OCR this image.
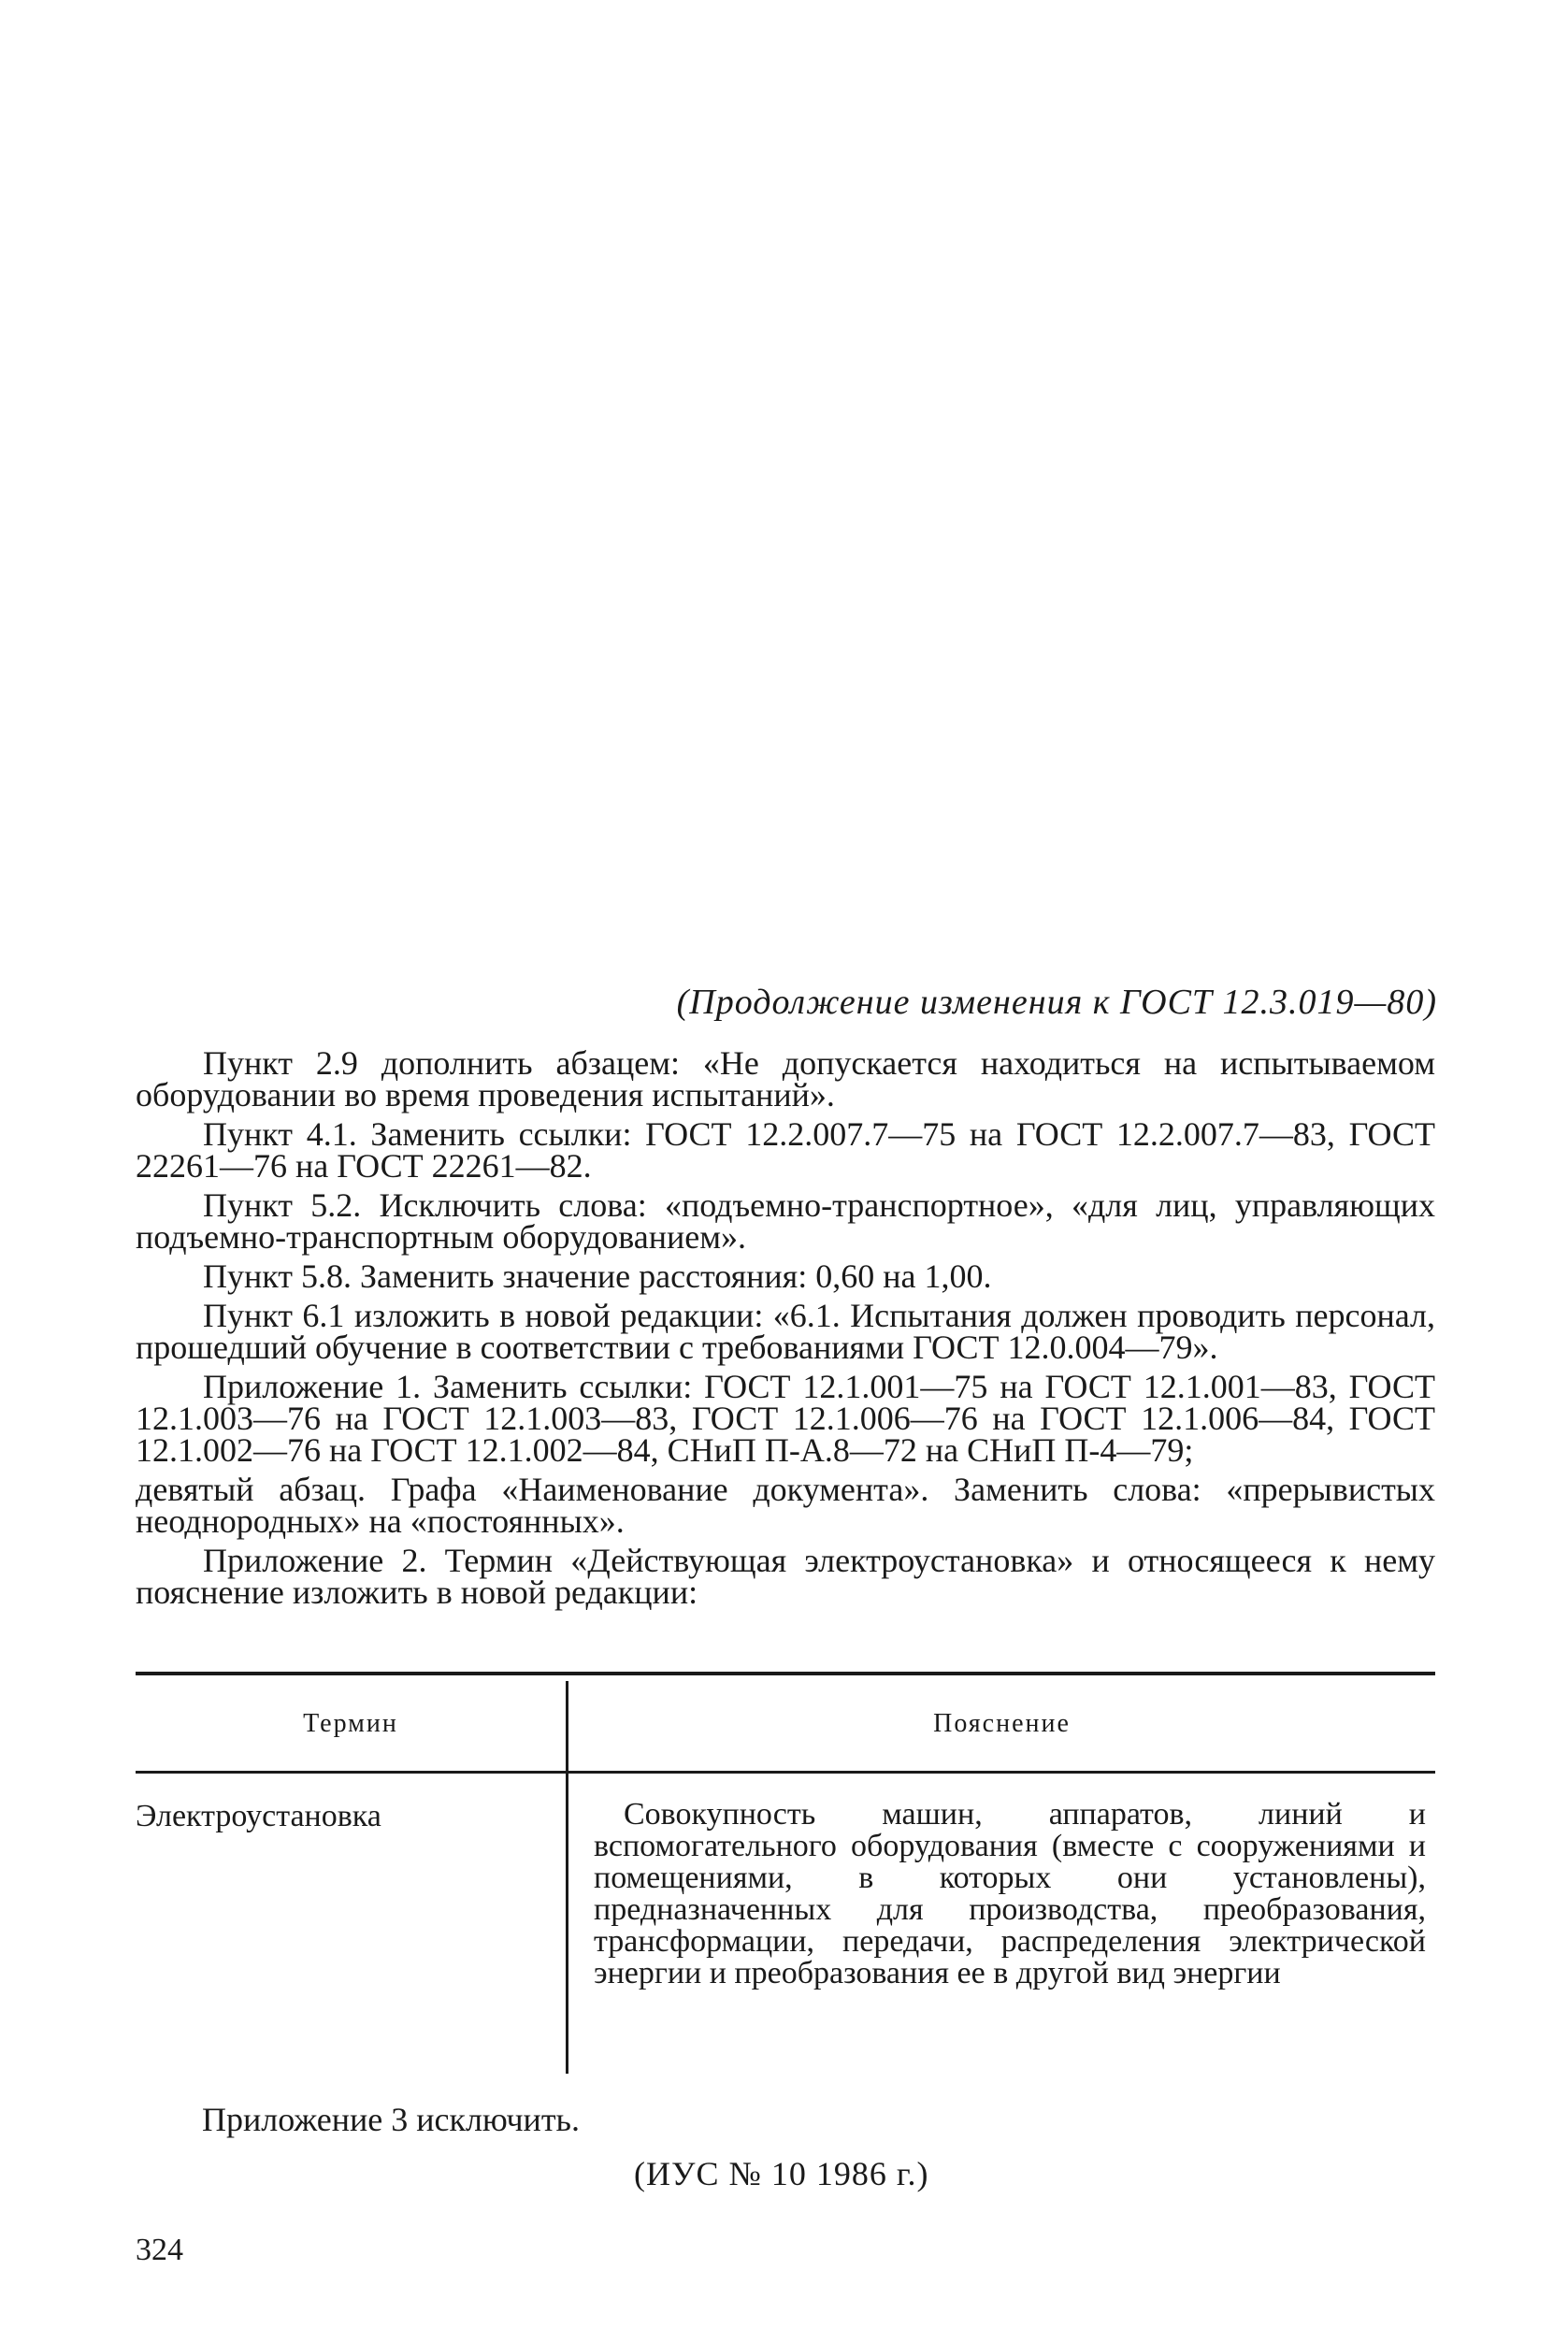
(Продолжение изменения к ГОСТ 12.3.019—80)

Пункт 2.9 дополнить абзацем: «Не допускается находиться на испытываемом оборудовании во время проведения испытаний».

Пункт 4.1. Заменить ссылки: ГОСТ 12.2.007.7—75 на ГОСТ 12.2.007.7—83, ГОСТ 22261—76 на ГОСТ 22261—82.

Пункт 5.2. Исключить слова: «подъемно-транспортное», «для лиц, управляющих подъемно-транспортным оборудованием».

Пункт 5.8. Заменить значение расстояния: 0,60 на 1,00.

Пункт 6.1 изложить в новой редакции: «6.1. Испытания должен проводить персонал, прошедший обучение в соответствии с требованиями ГОСТ 12.0.004—79».

Приложение 1. Заменить ссылки: ГОСТ 12.1.001—75 на ГОСТ 12.1.001—83, ГОСТ 12.1.003—76 на ГОСТ 12.1.003—83, ГОСТ 12.1.006—76 на ГОСТ 12.1.006—84, ГОСТ 12.1.002—76 на ГОСТ 12.1.002—84, СНиП П-А.8—72 на СНиП П-4—79;

девятый абзац. Графа «Наименование документа». Заменить слова: «прерывистых неоднородных» на «постоянных».

Приложение 2. Термин «Действующая электроустановка» и относящееся к нему пояснение изложить в новой редакции:

Термин	Пояснение
Электроустановка	Совокупность машин, аппаратов, линий и вспомогательного оборудования (вместе с сооружениями и помещениями, в которых они установлены), предназначенных для производства, преобразования, трансформации, передачи, распределения электрической энергии и преобразования ее в другой вид энергии
Приложение 3 исключить.
(ИУС № 10 1986 г.)
324
